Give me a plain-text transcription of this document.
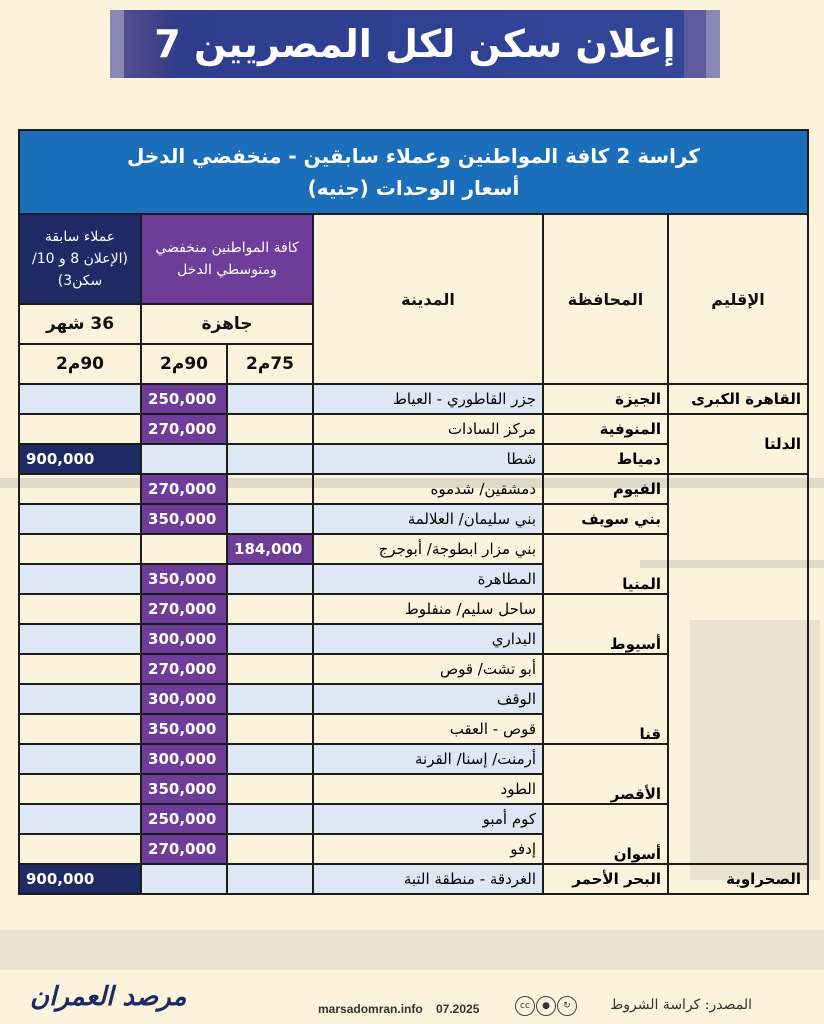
إعلان سكن لكل المصريين 7
كراسة 2 كافة المواطنين وعملاء سابقين - منخفضي الدخل
أسعار الوحدات (جنيه)					

الإقليم	المحافظة	المدينة	كافة المواطنين منخفضي ومتوسطي الدخل		عملاء سابقة (الإعلان 8 و 10/ سكن3)
			جاهزة		36 شهر
			75م2	90م2	90م2
القاهرة الكبرى	الجيزة	جزر القاطوري - العياط		250,000	
الدلتا	المنوفية	مركز السادات		270,000	
	دمياط	شطا			900,000
	الفيوم	دمشقين/ شدموه		270,000	
	بني سويف	بني سليمان/ العلالمة		350,000	
	المنيا	بني مزار ابطوجة/ أبوجرج	184,000		
		المطاهرة		350,000	
	أسيوط	ساحل سليم/ منفلوط		270,000	
		البداري		300,000	
	قنا	أبو تشت/ قوص		270,000	
		الوقف		300,000	
		قوص - العقب		350,000	
	الأقصر	أرمنت/ إسنا/ القرنة		300,000	
		الطود		350,000	
	أسوان	كوم أمبو		250,000	
		إدفو		270,000	
الصحراوية	البحر الأحمر	الغردقة - منطقة التبة			900,000
مرصد العمران	marsadomran.info 07.2025	cc	●	↻	المصدر: كراسة الشروط
